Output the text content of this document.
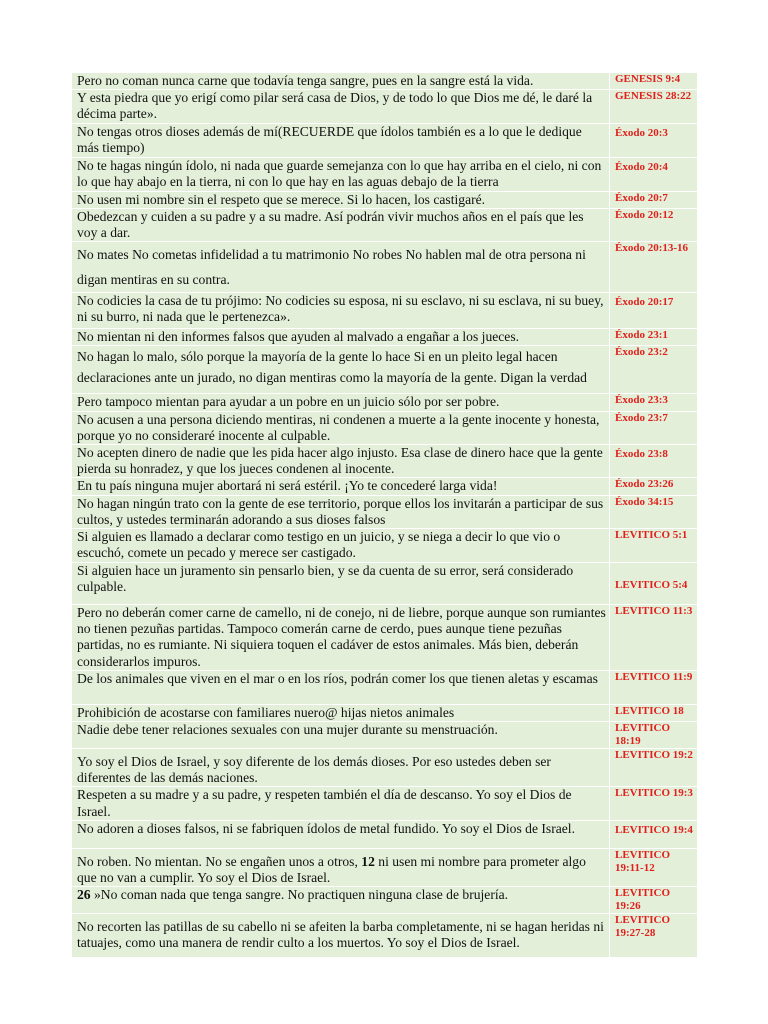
Pero no coman nunca carne que todavía tenga sangre, pues en la sangre está la vida.	GENESIS 9:4
Y esta piedra que yo erigí como pilar será casa de Dios, y de todo lo que Dios me dé, le daré la décima parte».	GENESIS 28:22
No tengas otros dioses además de mí(RECUERDE que ídolos también es a lo que le dedique más tiempo)	Éxodo 20:3
No te hagas ningún ídolo, ni nada que guarde semejanza con lo que hay arriba en el cielo, ni con lo que hay abajo en la tierra, ni con lo que hay en las aguas debajo de la tierra	Éxodo 20:4
No usen mi nombre sin el respeto que se merece. Si lo hacen, los castigaré.	Éxodo 20:7
Obedezcan y cuiden a su padre y a su madre. Así podrán vivir muchos años en el país que les voy a dar.	Éxodo 20:12
No mates No cometas infidelidad a tu matrimonio No robes No hablen mal de otra persona ni digan mentiras en su contra.	Éxodo 20:13-16
No codicies la casa de tu prójimo: No codicies su esposa, ni su esclavo, ni su esclava, ni su buey, ni su burro, ni nada que le pertenezca».	Éxodo 20:17
No mientan ni den informes falsos que ayuden al malvado a engañar a los jueces.	Éxodo 23:1
No hagan lo malo, sólo porque la mayoría de la gente lo hace Si en un pleito legal hacen declaraciones ante un jurado, no digan mentiras como la mayoría de la gente. Digan la verdad	Éxodo 23:2
Pero tampoco mientan para ayudar a un pobre en un juicio sólo por ser pobre.	Éxodo 23:3
No acusen a una persona diciendo mentiras, ni condenen a muerte a la gente inocente y honesta, porque yo no consideraré inocente al culpable.	Éxodo 23:7
No acepten dinero de nadie que les pida hacer algo injusto. Esa clase de dinero hace que la gente pierda su honradez, y que los jueces condenen al inocente.	Éxodo 23:8
En tu país ninguna mujer abortará ni será estéril. ¡Yo te concederé larga vida!	Éxodo 23:26
No hagan ningún trato con la gente de ese territorio, porque ellos los invitarán a participar de sus cultos, y ustedes terminarán adorando a sus dioses falsos	Éxodo 34:15
Si alguien es llamado a declarar como testigo en un juicio, y se niega a decir lo que vio o escuchó, comete un pecado y merece ser castigado.	LEVITICO 5:1
Si alguien hace un juramento sin pensarlo bien, y se da cuenta de su error, será considerado culpable.	LEVITICO 5:4
Pero no deberán comer carne de camello, ni de conejo, ni de liebre, porque aunque son rumiantes no tienen pezuñas partidas. Tampoco comerán carne de cerdo, pues aunque tiene pezuñas partidas, no es rumiante. Ni siquiera toquen el cadáver de estos animales. Más bien, deberán considerarlos impuros.	LEVITICO 11:3
De los animales que viven en el mar o en los ríos, podrán comer los que tienen aletas y escamas	LEVITICO 11:9
Prohibición de acostarse con familiares nuero@ hijas nietos animales	LEVITICO 18
Nadie debe tener relaciones sexuales con una mujer durante su menstruación.	LEVITICO 18:19
Yo soy el Dios de Israel, y soy diferente de los demás dioses. Por eso ustedes deben ser diferentes de las demás naciones.	LEVITICO 19:2
Respeten a su madre y a su padre, y respeten también el día de descanso. Yo soy el Dios de Israel.	LEVITICO 19:3
No adoren a dioses falsos, ni se fabriquen ídolos de metal fundido. Yo soy el Dios de Israel.	LEVITICO 19:4
No roben. No mientan. No se engañen unos a otros, 12 ni usen mi nombre para prometer algo que no van a cumplir. Yo soy el Dios de Israel.	LEVITICO 19:11-12
26 »No coman nada que tenga sangre. No practiquen ninguna clase de brujería.	LEVITICO 19:26
No recorten las patillas de su cabello ni se afeiten la barba completamente, ni se hagan heridas ni tatuajes, como una manera de rendir culto a los muertos. Yo soy el Dios de Israel.	LEVITICO 19:27-28
